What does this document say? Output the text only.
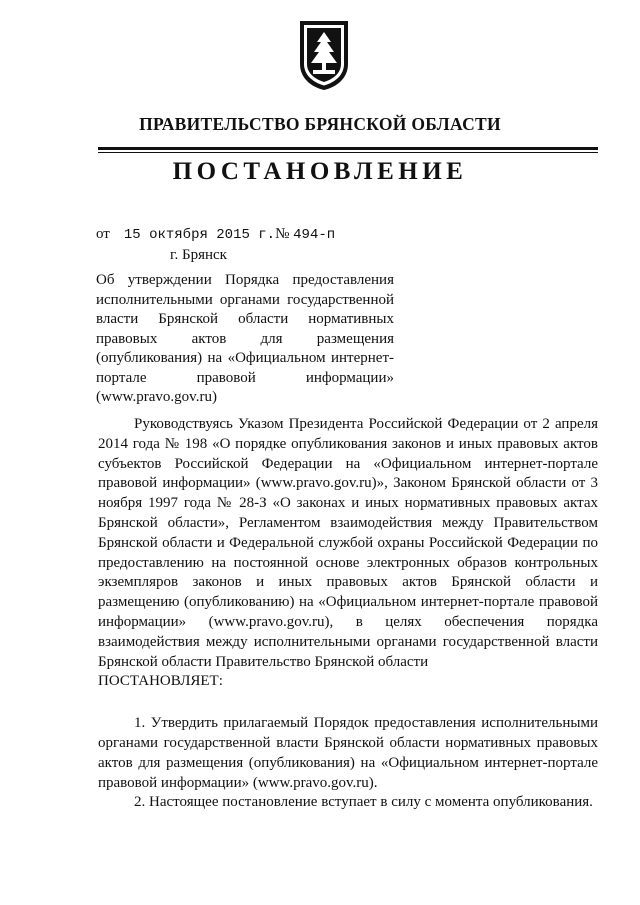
ПРАВИТЕЛЬСТВО БРЯНСКОЙ ОБЛАСТИ
ПОСТАНОВЛЕНИЕ
от 15 октября 2015 г.№ 494-п
г. Брянск
Об утверждении Порядка предоставления исполнительными органами государственной власти Брянской области нормативных правовых актов для размещения (опубликования) на «Официальном интернет-портале правовой информации» (www.pravo.gov.ru)

Руководствуясь Указом Президента Российской Федерации от 2 апреля 2014 года № 198 «О порядке опубликования законов и иных правовых актов субъектов Российской Федерации на «Официальном интернет-портале правовой информации» (www.pravo.gov.ru)», Законом Брянской области от 3 ноября 1997 года № 28-З «О законах и иных нормативных правовых актах Брянской области», Регламентом взаимодействия между Правительством Брянской области и Федеральной службой охраны Российской Федерации по предоставлению на постоянной основе электронных образов контрольных экземпляров законов и иных правовых актов Брянской области и размещению (опубликованию) на «Официальном интернет-портале правовой информации» (www.pravo.gov.ru), в целях обеспечения порядка взаимодействия между исполнительными органами государственной власти Брянской области Правительство Брянской области

ПОСТАНОВЛЯЕТ:

1. Утвердить прилагаемый Порядок предоставления исполнительными органами государственной власти Брянской области нормативных правовых актов для размещения (опубликования) на «Официальном интернет-портале правовой информации» (www.pravo.gov.ru).

2. Настоящее постановление вступает в силу с момента опубликования.
